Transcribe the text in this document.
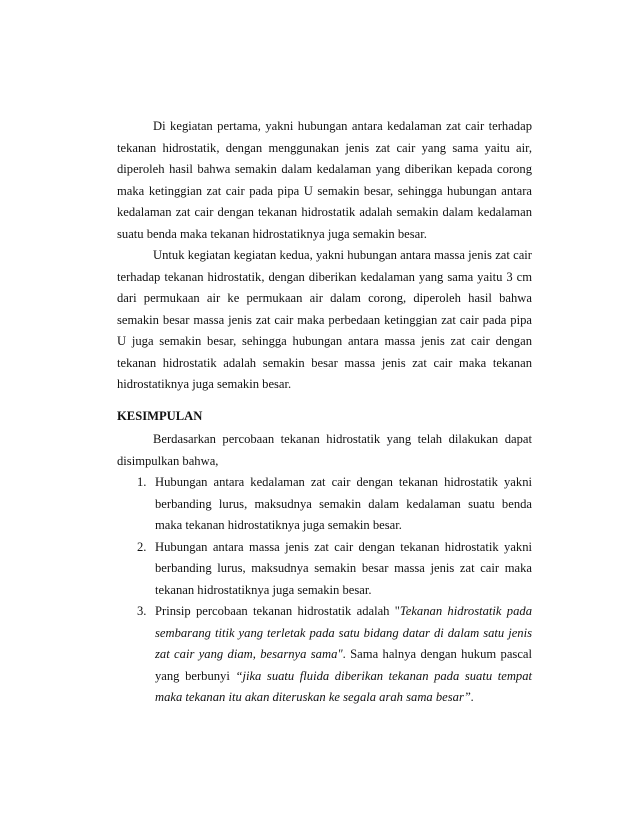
Di kegiatan pertama, yakni hubungan antara kedalaman zat cair terhadap tekanan hidrostatik, dengan menggunakan jenis zat cair yang sama yaitu air, diperoleh hasil bahwa semakin dalam kedalaman yang diberikan kepada corong maka ketinggian zat cair pada pipa U semakin besar, sehingga hubungan antara kedalaman zat cair dengan tekanan hidrostatik adalah semakin dalam kedalaman suatu benda maka tekanan hidrostatiknya juga semakin besar.

Untuk kegiatan kegiatan kedua, yakni hubungan antara massa jenis zat cair terhadap tekanan hidrostatik, dengan diberikan kedalaman yang sama yaitu 3 cm dari permukaan air ke permukaan air dalam corong, diperoleh hasil bahwa semakin besar massa jenis zat cair maka perbedaan ketinggian zat cair pada pipa U juga semakin besar, sehingga hubungan antara massa jenis zat cair dengan tekanan hidrostatik adalah semakin besar massa jenis zat cair maka tekanan hidrostatiknya juga semakin besar.

KESIMPULAN

Berdasarkan percobaan tekanan hidrostatik yang telah dilakukan dapat disimpulkan bahwa,

1. Hubungan antara kedalaman zat cair dengan tekanan hidrostatik yakni berbanding lurus, maksudnya semakin dalam kedalaman suatu benda maka tekanan hidrostatiknya juga semakin besar.
2. Hubungan antara massa jenis zat cair dengan tekanan hidrostatik yakni berbanding lurus, maksudnya semakin besar massa jenis zat cair maka tekanan hidrostatiknya juga semakin besar.
3. Prinsip percobaan tekanan hidrostatik adalah "Tekanan hidrostatik pada sembarang titik yang terletak pada satu bidang datar di dalam satu jenis zat cair yang diam, besarnya sama". Sama halnya dengan hukum pascal yang berbunyi “jika suatu fluida diberikan tekanan pada suatu tempat maka tekanan itu akan diteruskan ke segala arah sama besar”.
